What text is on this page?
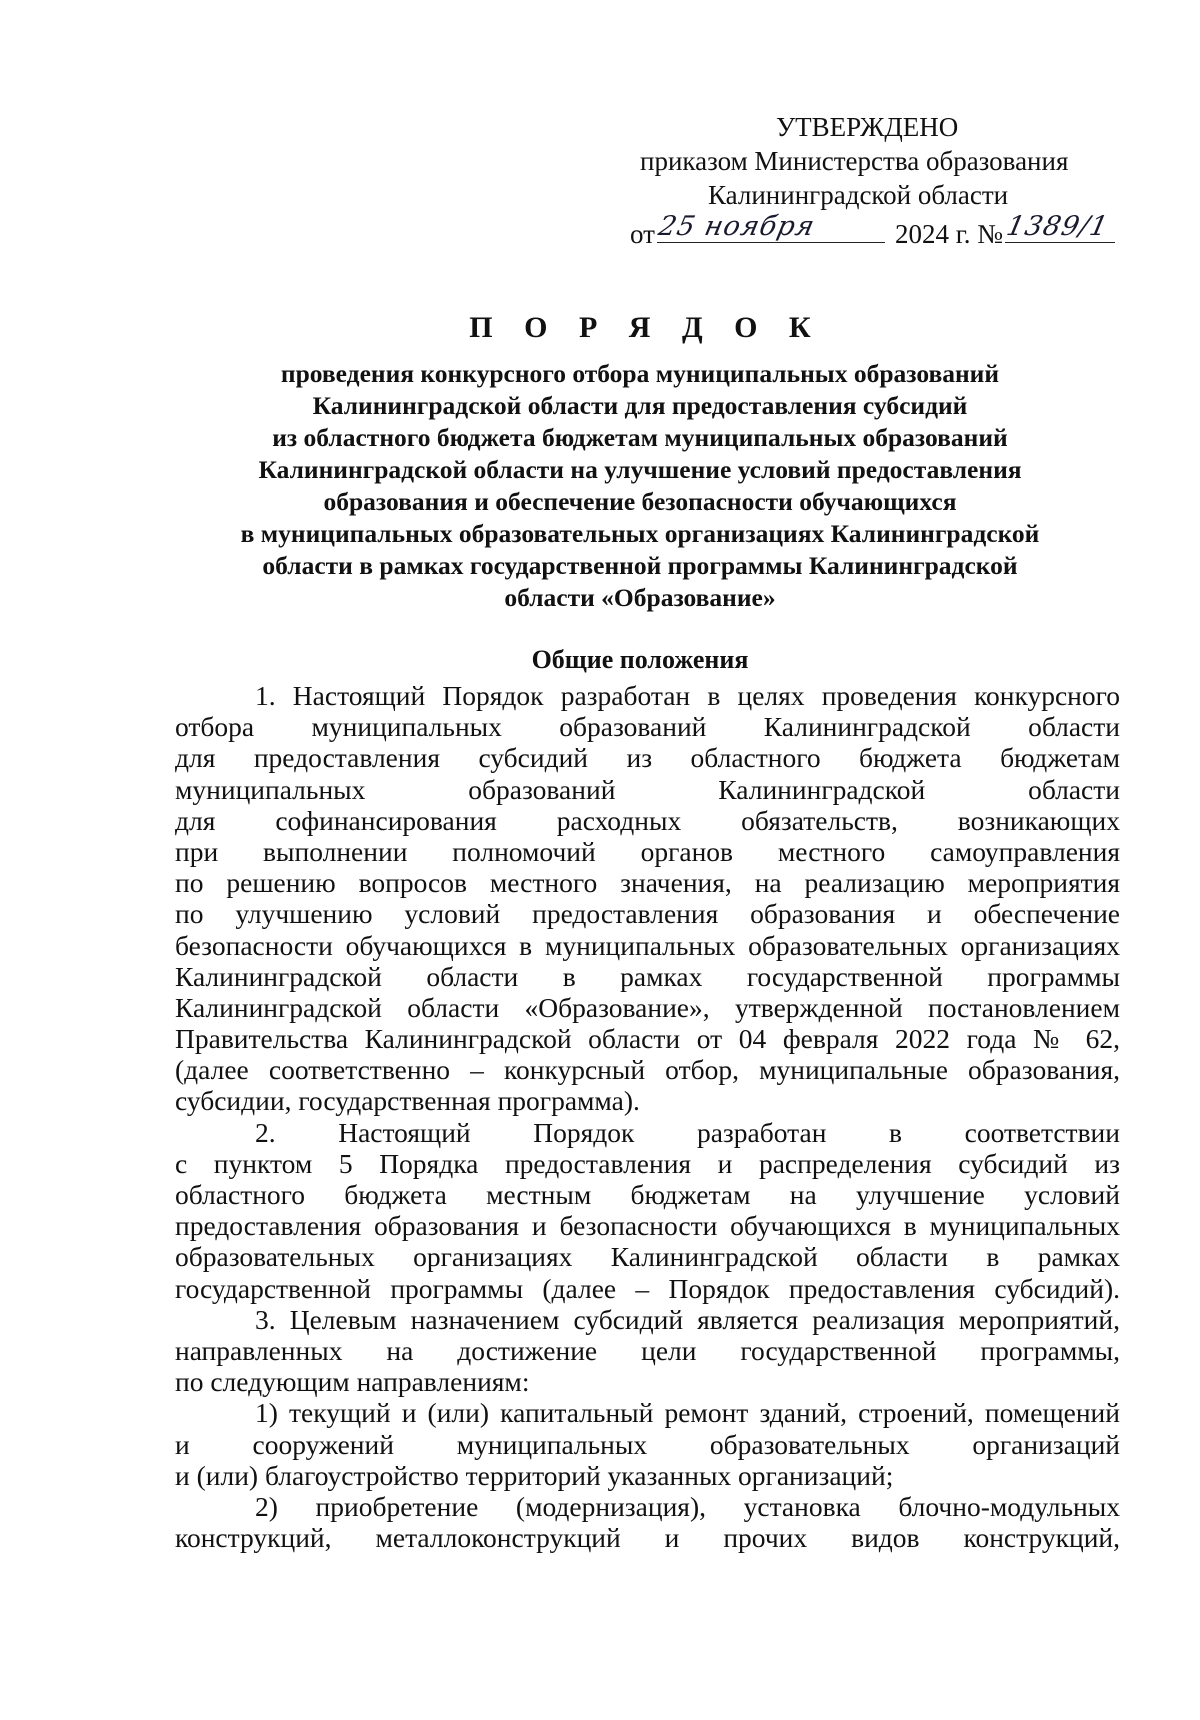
УТВЕРЖДЕНО
приказом Министерства образования
Калининградской области
от 25 ноября	2024 г. № 1389/1
П О Р Я Д О К
проведения конкурсного отбора муниципальных образований
Калининградской области для предоставления субсидий
из областного бюджета бюджетам муниципальных образований
Калининградской области на улучшение условий предоставления
образования и обеспечение безопасности обучающихся
в муниципальных образовательных организациях Калининградской
области в рамках государственной программы Калининградской
области «Образование»
Общие положения
1. Настоящий Порядок разработан в целях проведения конкурсного
отбора муниципальных образований Калининградской области
для предоставления субсидий из областного бюджета бюджетам
муниципальных образований Калининградской области
для софинансирования расходных обязательств, возникающих
при выполнении полномочий органов местного самоуправления
по решению вопросов местного значения, на реализацию мероприятия
по улучшению условий предоставления образования и обеспечение
безопасности обучающихся в муниципальных образовательных организациях
Калининградской области в рамках государственной программы
Калининградской области «Образование», утвержденной постановлением
Правительства Калининградской области от 04 февраля 2022 года № 62,
(далее соответственно – конкурсный отбор, муниципальные образования,
субсидии, государственная программа).
2. Настоящий Порядок разработан в соответствии
с пунктом 5 Порядка предоставления и распределения субсидий из
областного бюджета местным бюджетам на улучшение условий
предоставления образования и безопасности обучающихся в муниципальных
образовательных организациях Калининградской области в рамках
государственной программы (далее – Порядок предоставления субсидий).
3. Целевым назначением субсидий является реализация мероприятий,
направленных на достижение цели государственной программы,
по следующим направлениям:
1) текущий и (или) капитальный ремонт зданий, строений, помещений
и сооружений муниципальных образовательных организаций
и (или) благоустройство территорий указанных организаций;
2) приобретение (модернизация), установка блочно-модульных
конструкций, металлоконструкций и прочих видов конструкций,
